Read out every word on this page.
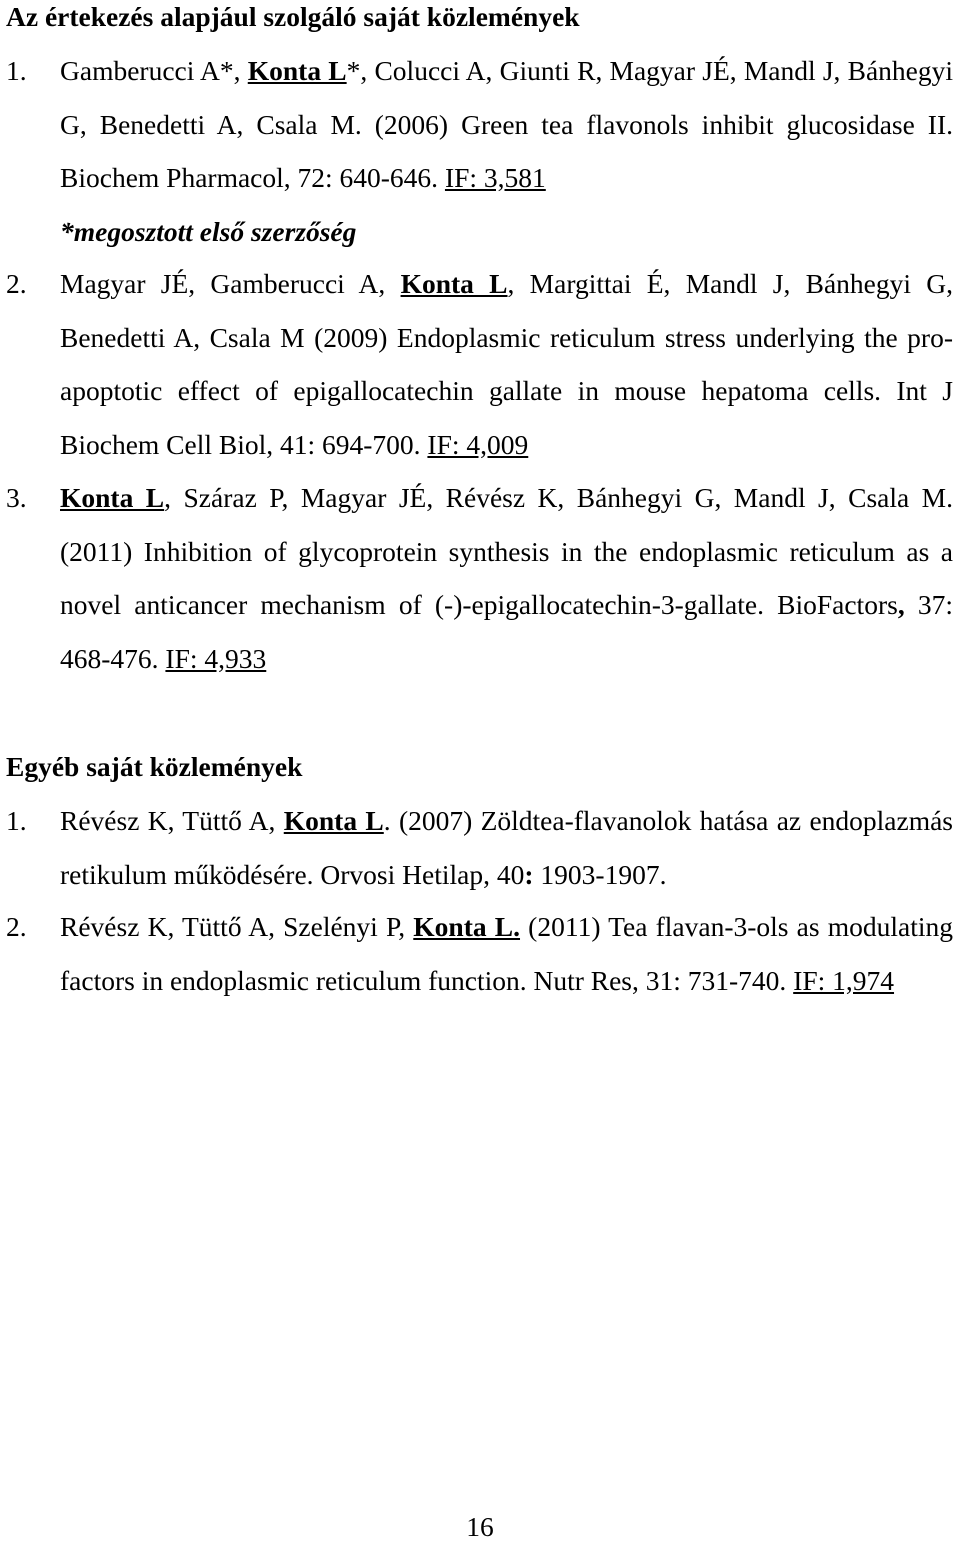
Az értekezés alapjául szolgáló saját közlemények
1. Gamberucci A*, Konta L*, Colucci A, Giunti R, Magyar JÉ, Mandl J, Bánhegyi G, Benedetti A, Csala M. (2006) Green tea flavonols inhibit glucosidase II. Biochem Pharmacol, 72: 640-646. IF: 3,581
*megosztott első szerzőség
2. Magyar JÉ, Gamberucci A, Konta L, Margittai É, Mandl J, Bánhegyi G, Benedetti A, Csala M (2009) Endoplasmic reticulum stress underlying the pro-apoptotic effect of epigallocatechin gallate in mouse hepatoma cells. Int J Biochem Cell Biol, 41: 694-700. IF: 4,009
3. Konta L, Száraz P, Magyar JÉ, Révész K, Bánhegyi G, Mandl J, Csala M. (2011) Inhibition of glycoprotein synthesis in the endoplasmic reticulum as a novel anticancer mechanism of (-)-epigallocatechin-3-gallate. BioFactors, 37: 468-476. IF: 4,933
Egyéb saját közlemények
1. Révész K, Tüttő A, Konta L. (2007) Zöldtea-flavanolok hatása az endoplazmás retikulum működésére. Orvosi Hetilap, 40: 1903-1907.
2. Révész K, Tüttő A, Szelényi P, Konta L. (2011) Tea flavan-3-ols as modulating factors in endoplasmic reticulum function. Nutr Res, 31: 731-740. IF: 1,974
16
